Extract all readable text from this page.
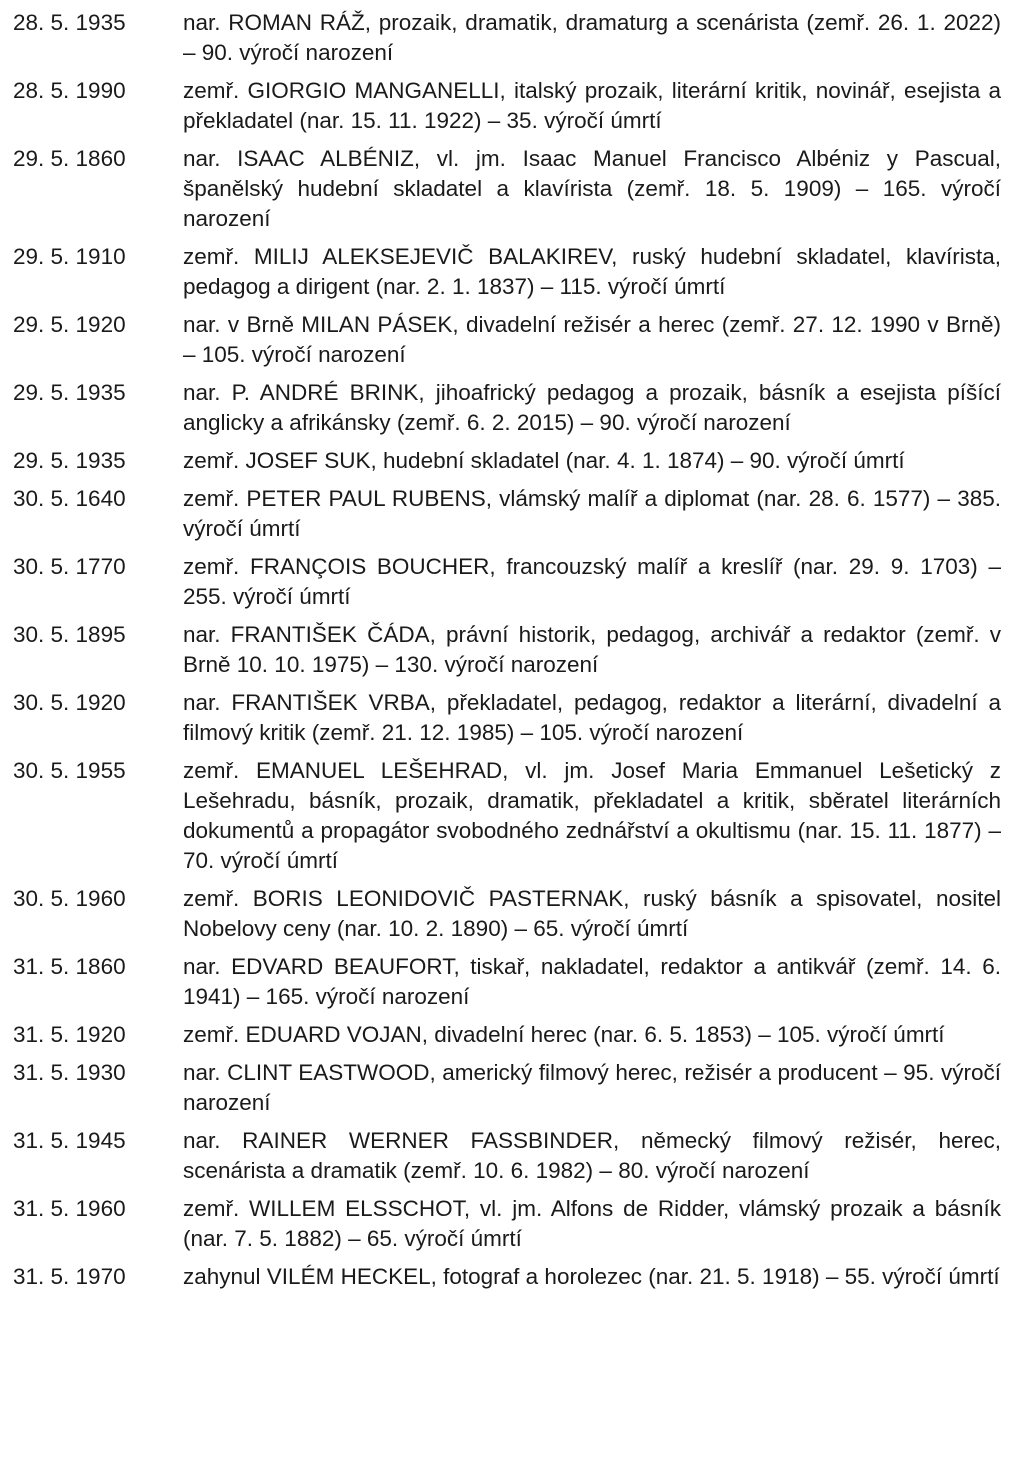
28. 5. 1935	nar. ROMAN RÁŽ, prozaik, dramatik, dramaturg a scenárista (zemř. 26. 1. 2022) – 90. výročí narození
28. 5. 1990	zemř. GIORGIO MANGANELLI, italský prozaik, literární kritik, novinář, esejista a překladatel (nar. 15. 11. 1922) – 35. výročí úmrtí
29. 5. 1860	nar. ISAAC ALBÉNIZ, vl. jm. Isaac Manuel Francisco Albéniz y Pascual, španělský hudební skladatel a klavírista (zemř. 18. 5. 1909) – 165. výročí narození
29. 5. 1910	zemř. MILIJ ALEKSEJEVIČ BALAKIREV, ruský hudební skladatel, klavírista, pedagog a dirigent (nar. 2. 1. 1837) – 115. výročí úmrtí
29. 5. 1920	nar. v Brně MILAN PÁSEK, divadelní režisér a herec (zemř. 27. 12. 1990 v Brně) – 105. výročí narození
29. 5. 1935	nar. P. ANDRÉ BRINK, jihoafrický pedagog a prozaik, básník a esejista píšící anglicky a afrikánsky (zemř. 6. 2. 2015) – 90. výročí narození
29. 5. 1935	zemř. JOSEF SUK, hudební skladatel (nar. 4. 1. 1874) – 90. výročí úmrtí
30. 5. 1640	zemř. PETER PAUL RUBENS, vlámský malíř a diplomat (nar. 28. 6. 1577) – 385. výročí úmrtí
30. 5. 1770	zemř. FRANÇOIS BOUCHER, francouzský malíř a kreslíř (nar. 29. 9. 1703) – 255. výročí úmrtí
30. 5. 1895	nar. FRANTIŠEK ČÁDA, právní historik, pedagog, archivář a redaktor (zemř. v Brně 10. 10. 1975) – 130. výročí narození
30. 5. 1920	nar. FRANTIŠEK VRBA, překladatel, pedagog, redaktor a literární, divadelní a filmový kritik (zemř. 21. 12. 1985) – 105. výročí narození
30. 5. 1955	zemř. EMANUEL LEŠEHRAD, vl. jm. Josef Maria Emmanuel Lešetický z Lešehradu, básník, prozaik, dramatik, překladatel a kritik, sběratel literárních dokumentů a propagátor svobodného zednářství a okultismu (nar. 15. 11. 1877) – 70. výročí úmrtí
30. 5. 1960	zemř. BORIS LEONIDOVIČ PASTERNAK, ruský básník a spisovatel, nositel Nobelovy ceny (nar. 10. 2. 1890) – 65. výročí úmrtí
31. 5. 1860	nar. EDVARD BEAUFORT, tiskař, nakladatel, redaktor a antikvář (zemř. 14. 6. 1941) – 165. výročí narození
31. 5. 1920	zemř. EDUARD VOJAN, divadelní herec (nar. 6. 5. 1853) – 105. výročí úmrtí
31. 5. 1930	nar. CLINT EASTWOOD, americký filmový herec, režisér a producent – 95. výročí narození
31. 5. 1945	nar. RAINER WERNER FASSBINDER, německý filmový režisér, herec, scenárista a dramatik (zemř. 10. 6. 1982) – 80. výročí narození
31. 5. 1960	zemř. WILLEM ELSSCHOT, vl. jm. Alfons de Ridder, vlámský prozaik a básník (nar. 7. 5. 1882) – 65. výročí úmrtí
31. 5. 1970	zahynul VILÉM HECKEL, fotograf a horolezec (nar. 21. 5. 1918) – 55. výročí úmrtí
